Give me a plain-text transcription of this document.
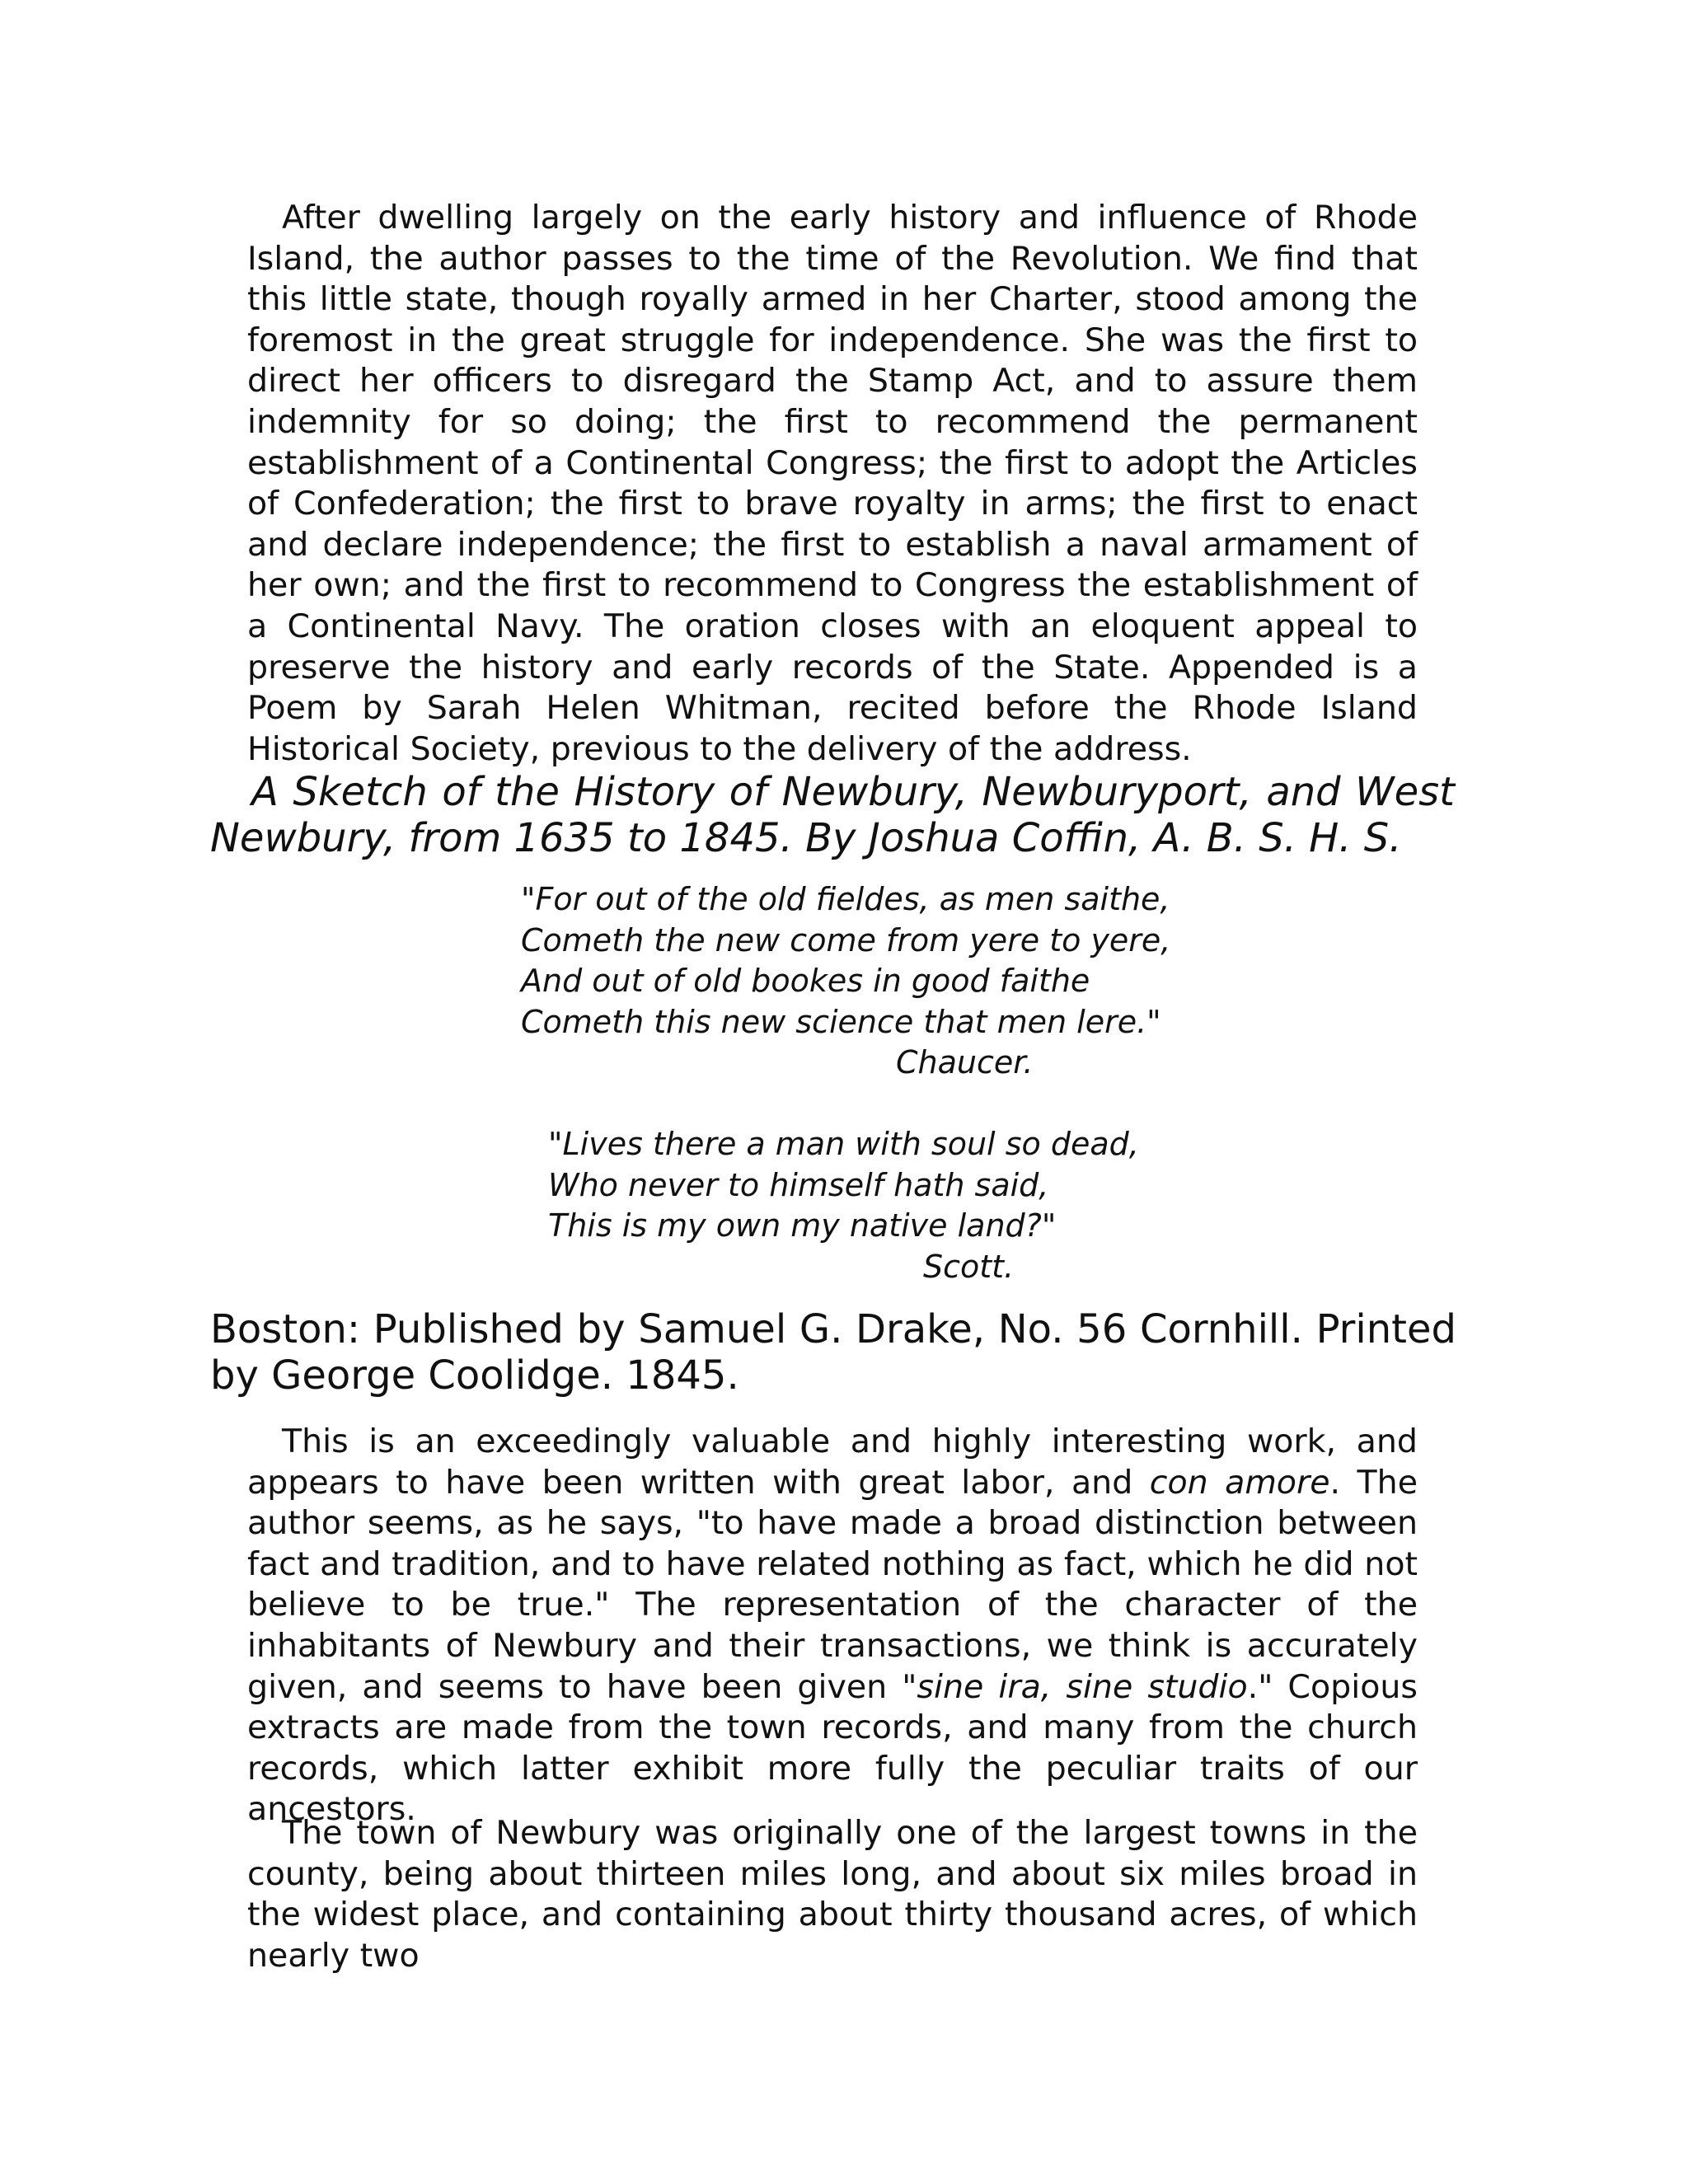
After dwelling largely on the early history and influence of Rhode Island, the author passes to the time of the Revolution. We find that this little state, though royally armed in her Charter, stood among the foremost in the great struggle for independence. She was the first to direct her officers to disregard the Stamp Act, and to assure them indemnity for so doing; the first to recommend the permanent establishment of a Continental Congress; the first to adopt the Articles of Confederation; the first to brave royalty in arms; the first to enact and declare independence; the first to establish a naval armament of her own; and the first to recommend to Congress the establishment of a Continental Navy. The oration closes with an eloquent appeal to preserve the history and early records of the State. Appended is a Poem by Sarah Helen Whitman, recited before the Rhode Island Historical Society, previous to the delivery of the address.

A Sketch of the History of Newbury, Newburyport, and West Newbury, from 1635 to 1845. By Joshua Coffin, A. B. S. H. S.

"For out of the old fieldes, as men saithe,
Cometh the new come from yere to yere,
And out of old bookes in good faithe
Cometh this new science that men lere."
Chaucer.
"Lives there a man with soul so dead,
Who never to himself hath said,
This is my own my native land?"
Scott.

Boston: Published by Samuel G. Drake, No. 56 Cornhill. Printed by George Coolidge. 1845.

This is an exceedingly valuable and highly interesting work, and appears to have been written with great labor, and con amore. The author seems, as he says, "to have made a broad distinction between fact and tradition, and to have related nothing as fact, which he did not believe to be true." The representation of the character of the inhabitants of Newbury and their transactions, we think is accurately given, and seems to have been given "sine ira, sine studio." Copious extracts are made from the town records, and many from the church records, which latter exhibit more fully the peculiar traits of our ancestors.

The town of Newbury was originally one of the largest towns in the county, being about thirteen miles long, and about six miles broad in the widest place, and containing about thirty thousand acres, of which nearly two
